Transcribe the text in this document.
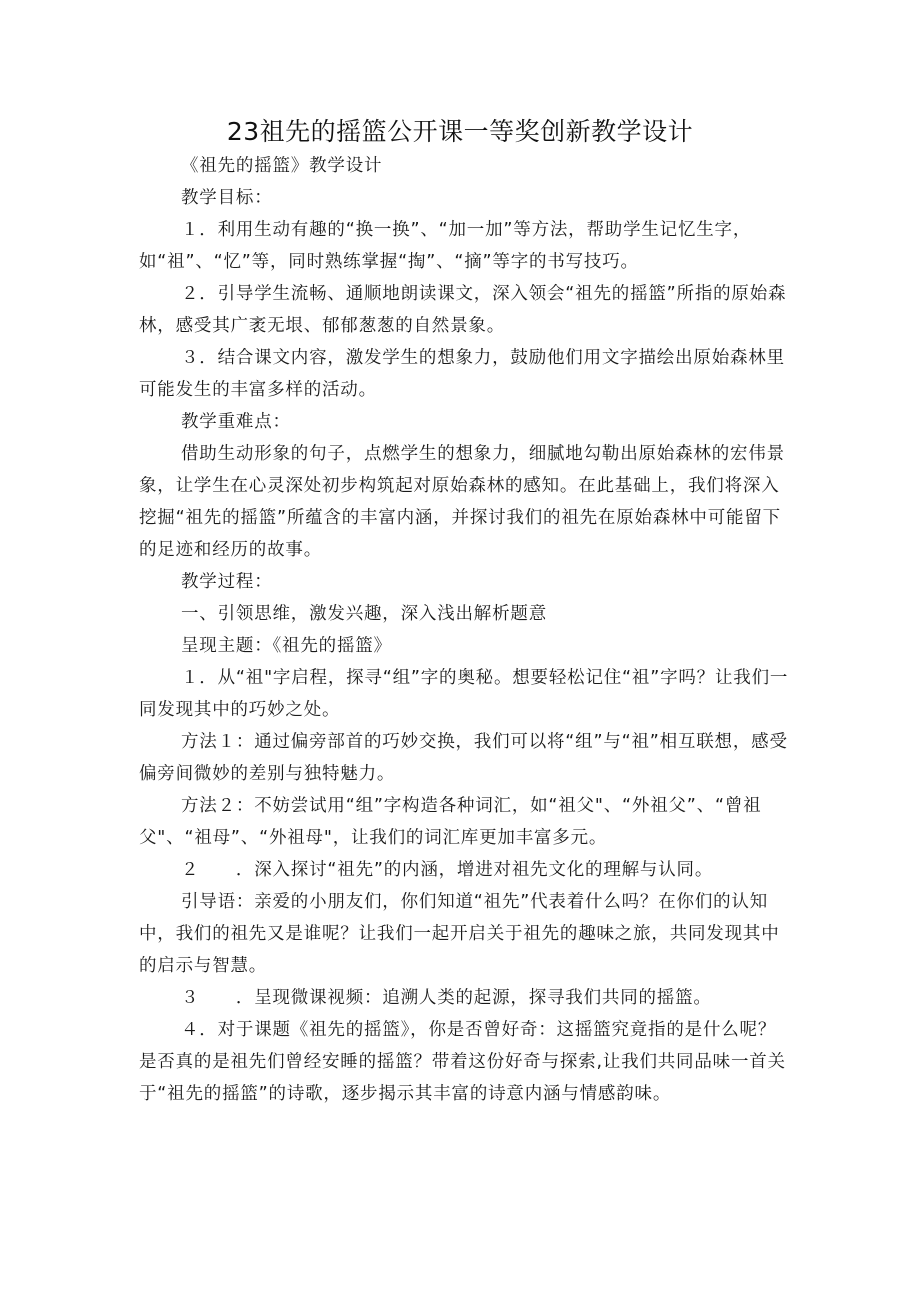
23祖先的摇篮公开课一等奖创新教学设计

《祖先的摇篮》教学设计

教学目标：

１．利用生动有趣的“换一换”、“加一加”等方法，帮助学生记忆生字，如“祖”、“忆”等，同时熟练掌握“掏”、“摘”等字的书写技巧。

２．引导学生流畅、通顺地朗读课文，深入领会“祖先的摇篮”所指的原始森林，感受其广袤无垠、郁郁葱葱的自然景象。

３．结合课文内容，激发学生的想象力，鼓励他们用文字描绘出原始森林里可能发生的丰富多样的活动。

教学重难点：

借助生动形象的句子，点燃学生的想象力，细腻地勾勒出原始森林的宏伟景象，让学生在心灵深处初步构筑起对原始森林的感知。在此基础上，我们将深入挖掘“祖先的摇篮”所蕴含的丰富内涵，并探讨我们的祖先在原始森林中可能留下的足迹和经历的故事。

教学过程：

一、引领思维，激发兴趣，深入浅出解析题意

呈现主题：《祖先的摇篮》

１．从“祖"字启程，探寻“组”字的奥秘。想要轻松记住“祖”字吗？让我们一同发现其中的巧妙之处。

方法１：通过偏旁部首的巧妙交换，我们可以将“组”与“祖”相互联想，感受偏旁间微妙的差别与独特魅力。

方法２：不妨尝试用“组”字构造各种词汇，如“祖父"、“外祖父”、“曾祖父"、“祖母”、“外祖母"，让我们的词汇库更加丰富多元。

２　　．深入探讨“祖先”的内涵，增进对祖先文化的理解与认同。

引导语：亲爱的小朋友们，你们知道“祖先”代表着什么吗？在你们的认知中，我们的祖先又是谁呢？让我们一起开启关于祖先的趣味之旅，共同发现其中的启示与智慧。

３　　．呈现微课视频：追溯人类的起源，探寻我们共同的摇篮。

４．对于课题《祖先的摇篮》，你是否曾好奇：这摇篮究竟指的是什么呢？是否真的是祖先们曾经安睡的摇篮？带着这份好奇与探索,让我们共同品味一首关于“祖先的摇篮”的诗歌，逐步揭示其丰富的诗意内涵与情感韵味。
